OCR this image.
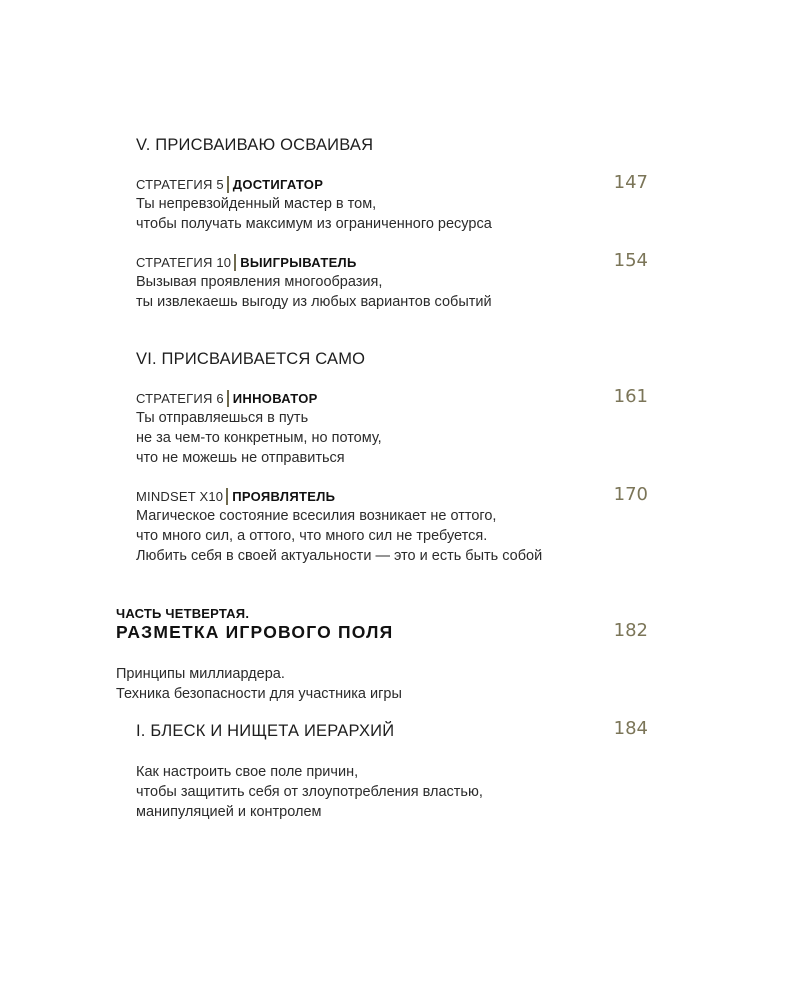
V. ПРИСВАИВАЮ ОСВАИВАЯ
СТРАТЕГИЯ 5 ДОСТИГАТОР	147
Ты непревзойденный мастер в том,
чтобы получать максимум из ограниченного ресурса
СТРАТЕГИЯ 10 ВЫИГРЫВАТЕЛЬ	154
Вызывая проявления многообразия,
ты извлекаешь выгоду из любых вариантов событий
VI. ПРИСВАИВАЕТСЯ САМО
СТРАТЕГИЯ 6 ИННОВАТОР	161
Ты отправляешься в путь
не за чем-то конкретным, но потому,
что не можешь не отправиться
MINDSET X10 ПРОЯВЛЯТЕЛЬ	170
Магическое состояние всесилия возникает не оттого,
что много сил, а оттого, что много сил не требуется.
Любить себя в своей актуальности — это и есть быть собой
ЧАСТЬ ЧЕТВЕРТАЯ.
РАЗМЕТКА ИГРОВОГО ПОЛЯ	182
Принципы миллиардера.
Техника безопасности для участника игры
I. БЛЕСК И НИЩЕТА ИЕРАРХИЙ	184
Как настроить свое поле причин,
чтобы защитить себя от злоупотребления властью,
манипуляцией и контролем
